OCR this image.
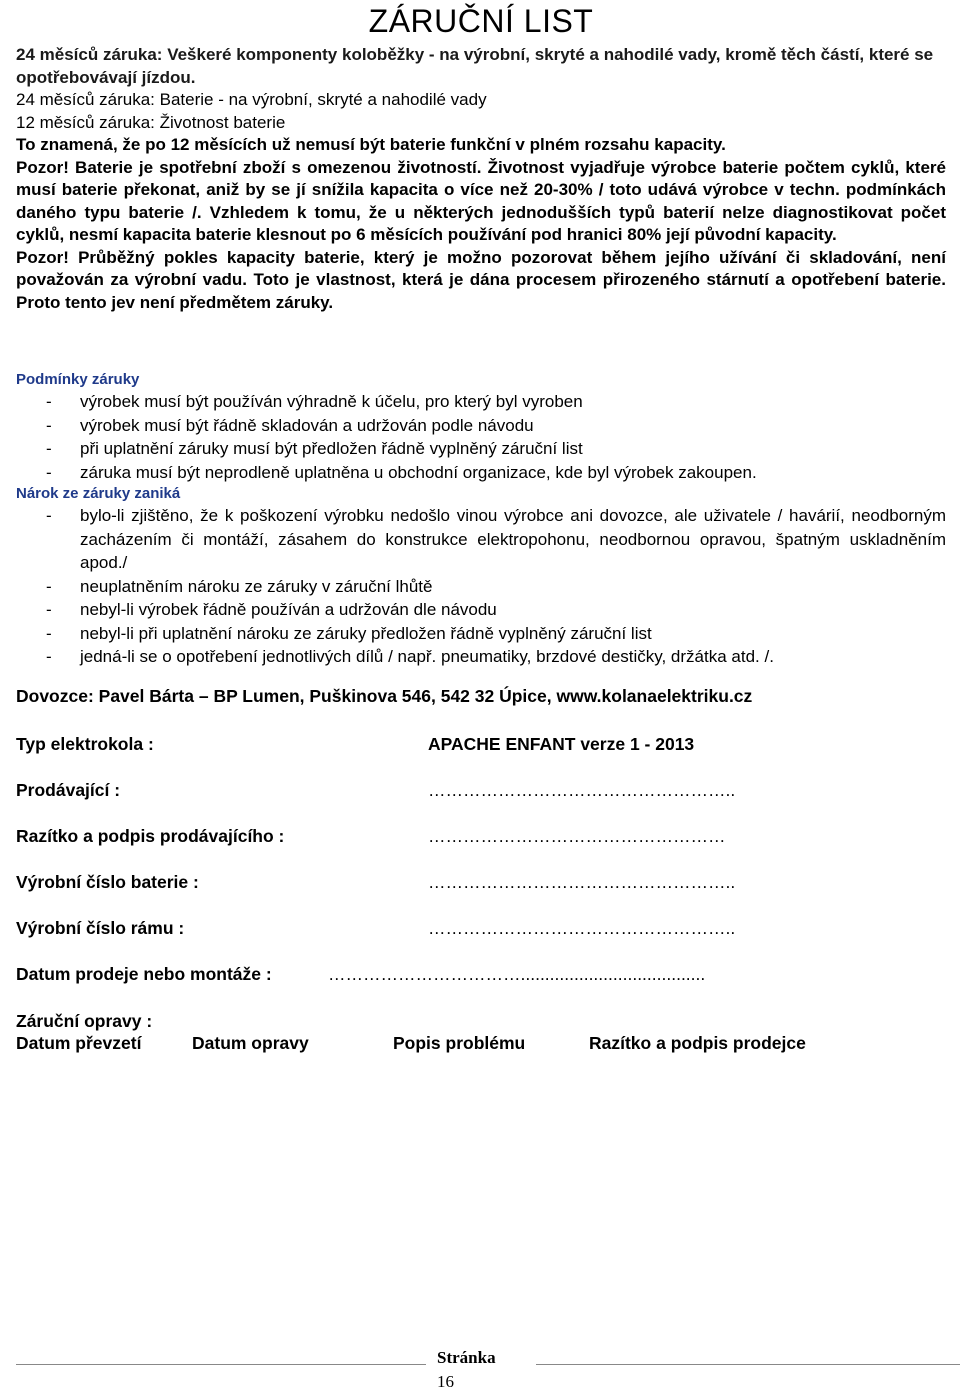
ZÁRUČNÍ LIST

24 měsíců záruka: Veškeré komponenty koloběžky - na výrobní, skryté a nahodilé vady, kromě těch částí, které se opotřebovávají jízdou.

24 měsíců záruka: Baterie - na výrobní, skryté a nahodilé vady

12 měsíců záruka: Životnost baterie

To znamená, že po 12 měsících už nemusí být baterie funkční v plném rozsahu kapacity.

Pozor! Baterie je spotřební zboží s omezenou životností. Životnost vyjadřuje výrobce baterie počtem cyklů, které musí baterie překonat, aniž by se jí snížila kapacita o více než 20-30% / toto udává výrobce v techn. podmínkách daného typu baterie /. Vzhledem k tomu, že u některých jednodušších typů baterií nelze diagnostikovat počet cyklů, nesmí kapacita baterie klesnout po 6 měsících používání pod hranici 80% její původní kapacity.

Pozor! Průběžný pokles kapacity baterie, který je možno pozorovat během jejího užívání či skladování, není považován za výrobní vadu. Toto je vlastnost, která je dána procesem přirozeného stárnutí a opotřebení baterie. Proto tento jev není předmětem záruky.

Podmínky záruky
- výrobek musí být používán výhradně k účelu, pro který byl vyroben
- výrobek musí být řádně skladován a udržován podle návodu
- při uplatnění záruky musí být předložen řádně vyplněný záruční list
- záruka musí být neprodleně uplatněna u obchodní organizace, kde byl výrobek zakoupen.
Nárok ze záruky zaniká
- bylo-li zjištěno, že k poškození výrobku nedošlo vinou výrobce ani dovozce, ale uživatele / havárií, neodborným zacházením či montáží, zásahem do konstrukce elektropohonu, neodbornou opravou, špatným uskladněním apod./
- neuplatněním nároku ze záruky v záruční lhůtě
- nebyl-li výrobek řádně používán a udržován dle návodu
- nebyl-li při uplatnění nároku ze záruky předložen řádně vyplněný záruční list
- jedná-li se o opotřebení jednotlivých dílů / např. pneumatiky, brzdové destičky, držátka atd. /.
Dovozce: Pavel Bárta – BP Lumen, Puškinova 546, 542 32 Úpice, www.kolanaelektriku.cz
Typ elektrokola :	APACHE ENFANT verze 1 - 2013
Prodávající :	……………………………………………..
Razítko a podpis prodávajícího :	……………………………………………
Výrobní číslo baterie :	……………………………………………..
Výrobní číslo rámu :	……………………………………………..
Datum prodeje nebo montáže :	……………………………......................................
Záruční opravy :
Datum převzetí	Datum opravy	Popis problému	Razítko a podpis prodejce
Stránka
16
